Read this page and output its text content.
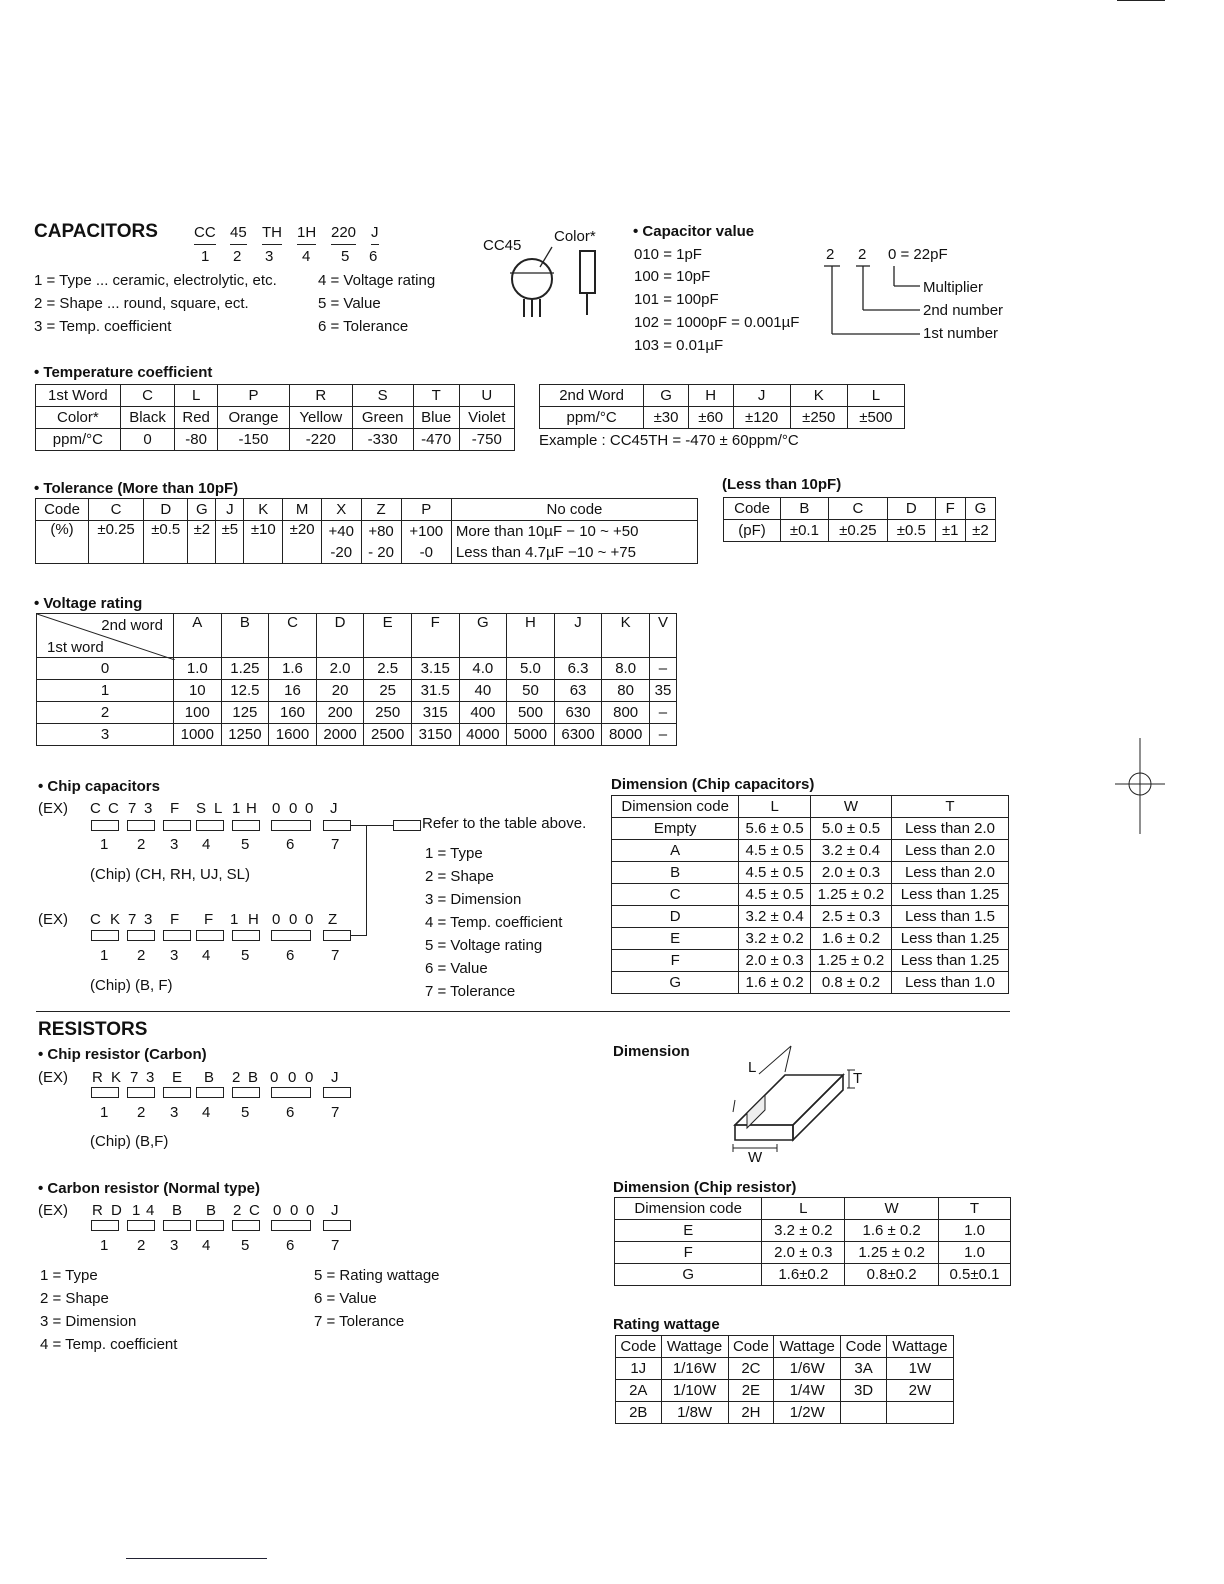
CAPACITORS CC 45 TH 1H 220 J
1 2 3 4 5 6
1 = Type ... ceramic, electrolytic, etc.
2 = Shape ... round, square, ect.
3 = Temp. coefficient
4 = Voltage rating
5 = Value
6 = Tolerance
CC45
Color* • Capacitor value
010 = 1pF
100 = 10pF
101 = 100pF
102 = 1000pF = 0.001µF
103 = 0.01µF
2 2 0 = 22pF
Multiplier
2nd number
1st number
• Temperature coefficient
1st Word	C	L	P	R	S	T	U
Color*	Black	Red	Orange	Yellow	Green	Blue	Violet
ppm/°C	0	-80	-150	-220	-330	-470	-750
2nd Word	G	H	J	K	L
ppm/°C	±30	±60	±120	±250	±500
Example : CC45TH = -470 ± 60ppm/°C
• Tolerance (More than 10pF)
Code	C	D	G	J	K	M	X	Z	P	No code
(%)	±0.25	±0.5	±2	±5	±10	±20	+40	+80	+100	More than 10µF − 10 ~ +50
							-20	- 20	-0	Less than 4.7µF −10 ~ +75
(Less than 10pF)
Code	B	C	D	F	G
(pF)	±0.1	±0.25	±0.5	±1	±2
• Voltage rating
2nd word
1st word	A	B	C	D	E	F	G	H	J	K	V
0	1.0	1.25	1.6	2.0	2.5	3.15	4.0	5.0	6.3	8.0	–
1	10	12.5	16	20	25	31.5	40	50	63	80	35
2	100	125	160	200	250	315	400	500	630	800	–
3	1000	1250	1600	2000	2500	3150	4000	5000	6300	8000	–
• Chip capacitors
(EX) C C 7 3 F S L 1 H 0 0 0 J
Refer to the table above.
1 2 3 4 5 6 7
(Chip) (CH, RH, UJ, SL)
(EX) C K 7 3 F F 1 H 0 0 0 Z
1 2 3 4 5 6 7
(Chip) (B, F)
1 = Type
2 = Shape
3 = Dimension
4 = Temp. coefficient
5 = Voltage rating
6 = Value
7 = Tolerance
Dimension (Chip capacitors)
Dimension code	L	W	T
Empty	5.6 ± 0.5	5.0 ± 0.5	Less than 2.0
A	4.5 ± 0.5	3.2 ± 0.4	Less than 2.0
B	4.5 ± 0.5	2.0 ± 0.3	Less than 2.0
C	4.5 ± 0.5	1.25 ± 0.2	Less than 1.25
D	3.2 ± 0.4	2.5 ± 0.3	Less than 1.5
E	3.2 ± 0.2	1.6 ± 0.2	Less than 1.25
F	2.0 ± 0.3	1.25 ± 0.2	Less than 1.25
G	1.6 ± 0.2	0.8 ± 0.2	Less than 1.0
RESISTORS
• Chip resistor (Carbon)
(EX) R K 7 3 E B 2 B 0 0 0 J
1 2 3 4 5 6 7
(Chip) (B,F)
• Carbon resistor (Normal type)
(EX) R D 1 4 B B 2 C 0 0 0 J
1 2 3 4 5 6 7
1 = Type
2 = Shape
3 = Dimension
4 = Temp. coefficient
5 = Rating wattage
6 = Value
7 = Tolerance
Dimension
L
T
W
Dimension (Chip resistor)
Dimension code	L	W	T
E	3.2 ± 0.2	1.6 ± 0.2	1.0
F	2.0 ± 0.3	1.25 ± 0.2	1.0
G	1.6±0.2	0.8±0.2	0.5±0.1
Rating wattage
Code	Wattage	Code	Wattage	Code	Wattage
1J	1/16W	2C	1/6W	3A	1W
2A	1/10W	2E	1/4W	3D	2W
2B	1/8W	2H	1/2W		
